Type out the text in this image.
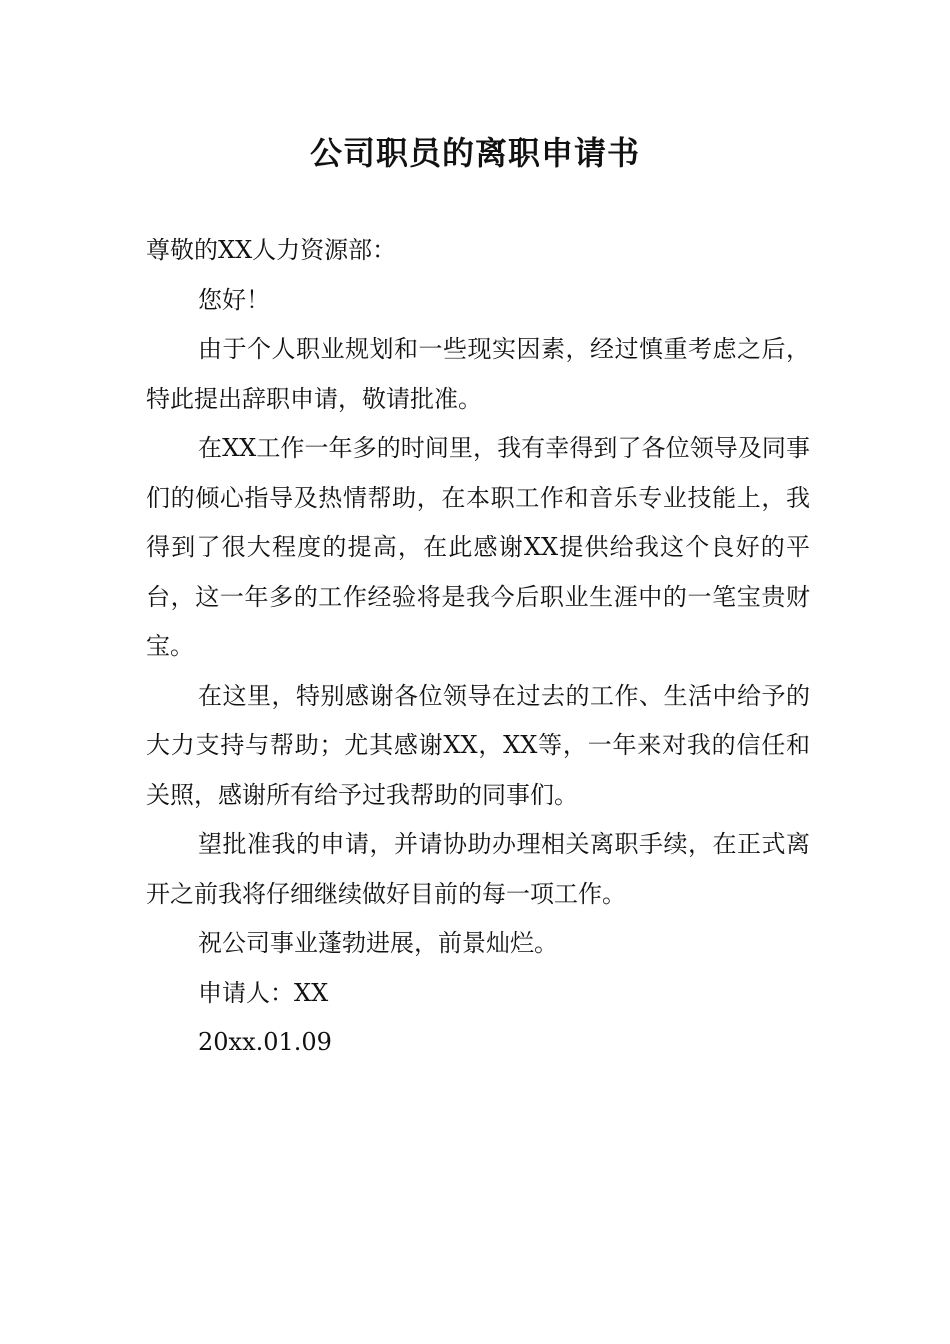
公司职员的离职申请书

尊敬的XX人力资源部：

您好！

由于个人职业规划和一些现实因素，经过慎重考虑之后，特此提出辞职申请，敬请批准。

在XX工作一年多的时间里，我有幸得到了各位领导及同事们的倾心指导及热情帮助，在本职工作和音乐专业技能上，我得到了很大程度的提高，在此感谢XX提供给我这个良好的平台，这一年多的工作经验将是我今后职业生涯中的一笔宝贵财宝。

在这里，特别感谢各位领导在过去的工作、生活中给予的大力支持与帮助；尤其感谢XX，XX等，一年来对我的信任和关照，感谢所有给予过我帮助的同事们。

望批准我的申请，并请协助办理相关离职手续，在正式离开之前我将仔细继续做好目前的每一项工作。

祝公司事业蓬勃进展，前景灿烂。

申请人：XX

20xx.01.09
